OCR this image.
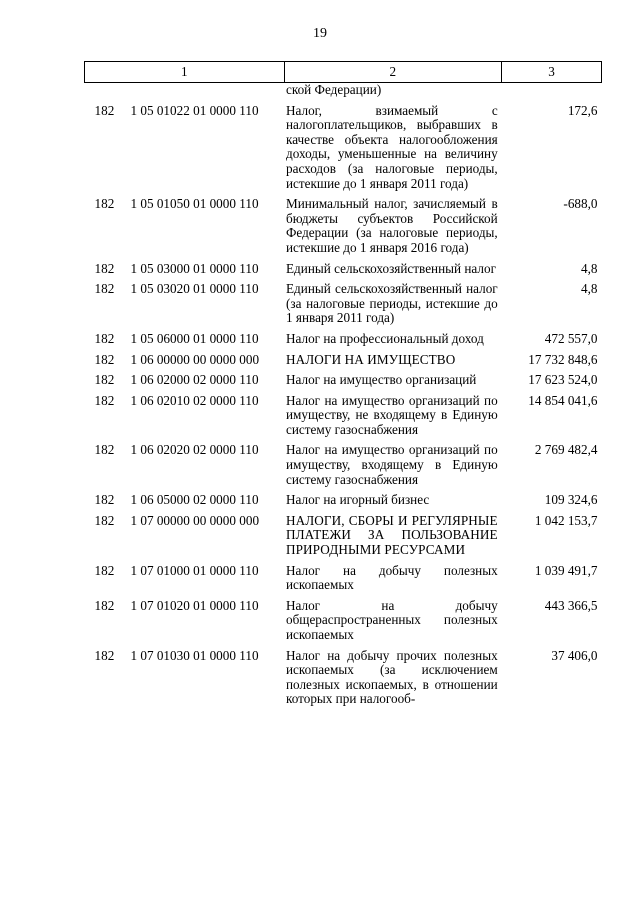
19
1		2	3
		ской Федерации)	
182	1 05 01022 01 0000 110	Налог, взимаемый с налогоплательщиков, выбравших в качестве объекта налогообложения доходы, уменьшенные на величину расходов (за налоговые периоды, истекшие до 1 января 2011 года)	172,6
182	1 05 01050 01 0000 110	Минимальный налог, зачисляемый в бюджеты субъектов Российской Федерации (за налоговые периоды, истекшие до 1 января 2016 года)	-688,0
182	1 05 03000 01 0000 110	Единый сельскохозяйственный налог	4,8
182	1 05 03020 01 0000 110	Единый сельскохозяйственный налог (за налоговые периоды, истекшие до 1 января 2011 года)	4,8
182	1 05 06000 01 0000 110	Налог на профессиональный доход	472 557,0
182	1 06 00000 00 0000 000	НАЛОГИ НА ИМУЩЕСТВО	17 732 848,6
182	1 06 02000 02 0000 110	Налог на имущество организаций	17 623 524,0
182	1 06 02010 02 0000 110	Налог на имущество организаций по имуществу, не входящему в Единую систему газоснабжения	14 854 041,6
182	1 06 02020 02 0000 110	Налог на имущество организаций по имуществу, входящему в Единую систему газоснабжения	2 769 482,4
182	1 06 05000 02 0000 110	Налог на игорный бизнес	109 324,6
182	1 07 00000 00 0000 000	НАЛОГИ, СБОРЫ И РЕГУЛЯРНЫЕ ПЛАТЕЖИ ЗА ПОЛЬЗОВАНИЕ ПРИРОДНЫМИ РЕСУРСАМИ	1 042 153,7
182	1 07 01000 01 0000 110	Налог на добычу полезных ископаемых	1 039 491,7
182	1 07 01020 01 0000 110	Налог на добычу общераспространенных полезных ископаемых	443 366,5
182	1 07 01030 01 0000 110	Налог на добычу прочих полезных ископаемых (за исключением полезных ископаемых, в отношении которых при налогооб-	37 406,0
